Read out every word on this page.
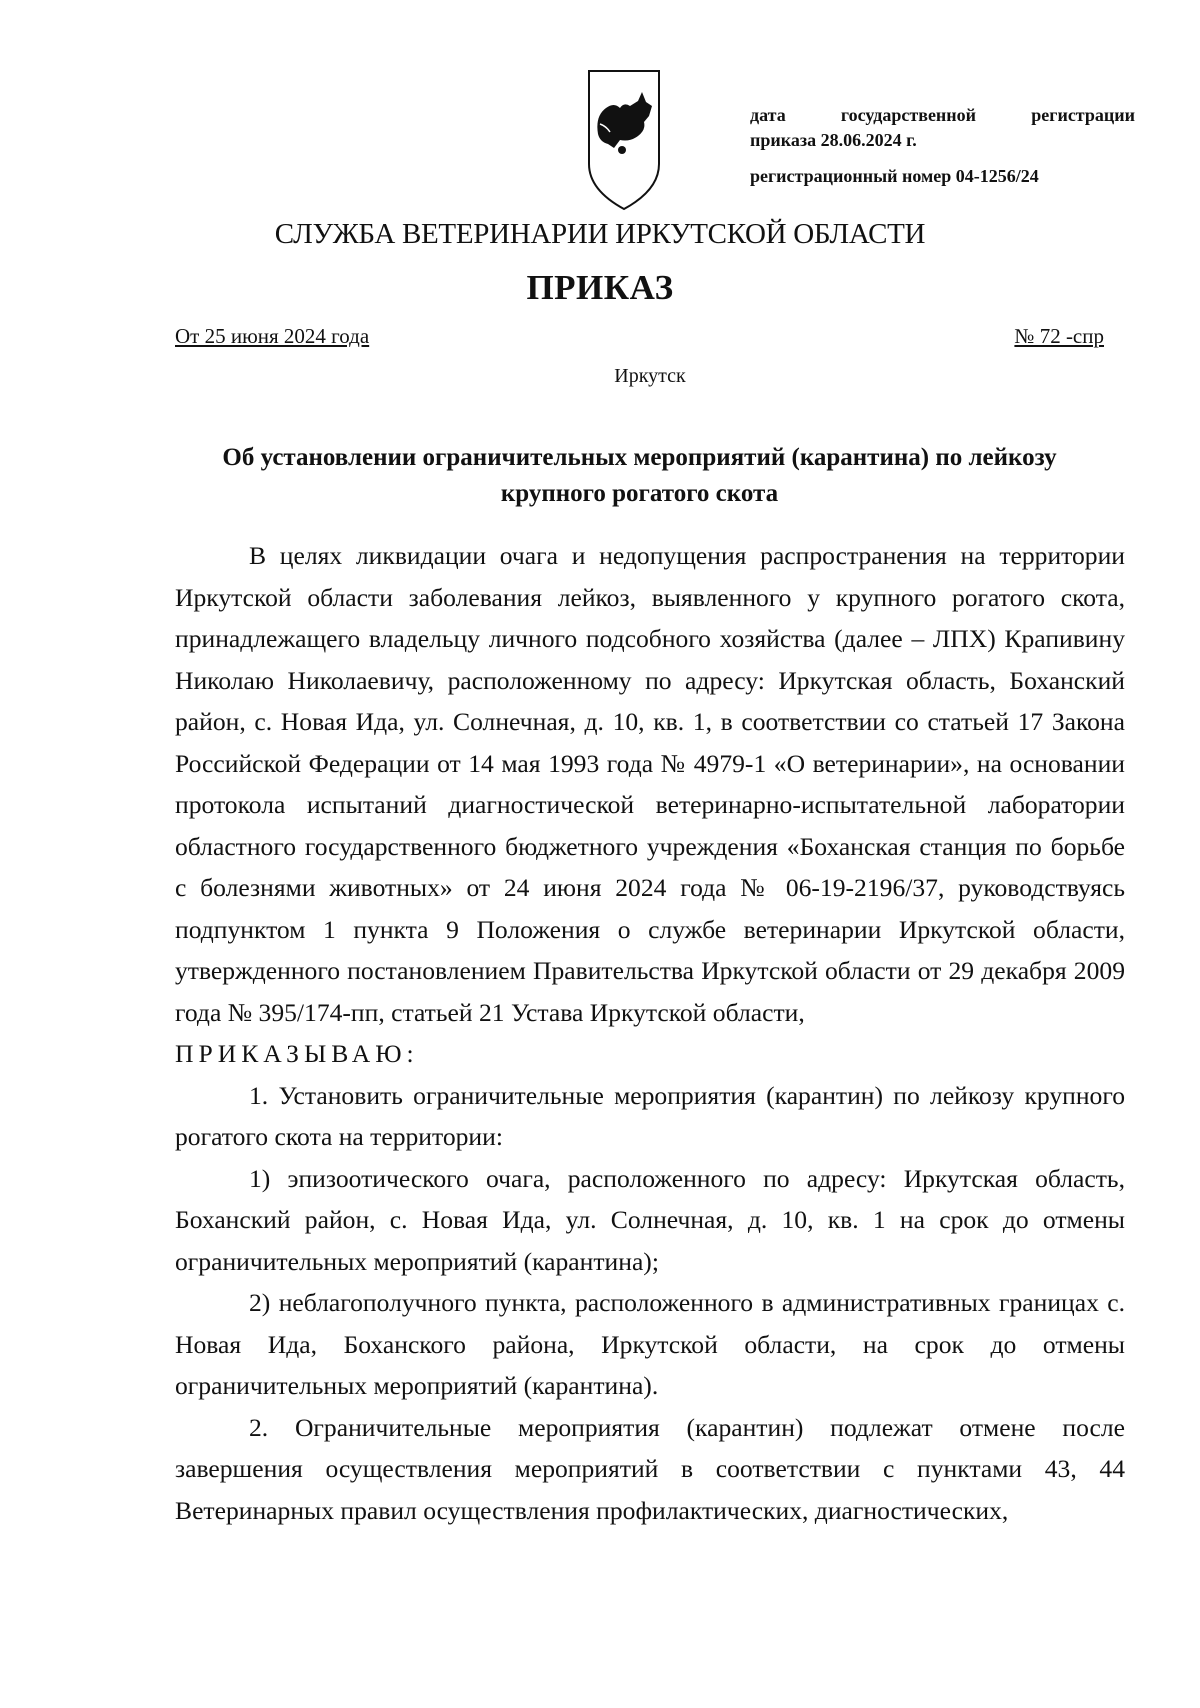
дата государственной регистрации
приказа 28.06.2024 г.
регистрационный номер 04-1256/24
СЛУЖБА ВЕТЕРИНАРИИ ИРКУТСКОЙ ОБЛАСТИ
ПРИКАЗ
От 25 июня 2024 года	№ 72 -спр
Иркутск
Об установлении ограничительных мероприятий (карантина) по лейкозу крупного рогатого скота

В целях ликвидации очага и недопущения распространения на территории Иркутской области заболевания лейкоз, выявленного у крупного рогатого скота, принадлежащего владельцу личного подсобного хозяйства (далее – ЛПХ) Крапивину Николаю Николаевичу, расположенному по адресу: Иркутская область, Боханский район, с. Новая Ида, ул. Солнечная, д. 10, кв. 1, в соответствии со статьей 17 Закона Российской Федерации от 14 мая 1993 года № 4979-1 «О ветеринарии», на основании протокола испытаний диагностической ветеринарно-испытательной лаборатории областного государственного бюджетного учреждения «Боханская станция по борьбе с болезнями животных» от 24 июня 2024 года № 06-19-2196/37, руководствуясь подпунктом 1 пункта 9 Положения о службе ветеринарии Иркутской области, утвержденного постановлением Правительства Иркутской области от 29 декабря 2009 года № 395/174-пп, статьей 21 Устава Иркутской области,

ПРИКАЗЫВАЮ:

1. Установить ограничительные мероприятия (карантин) по лейкозу крупного рогатого скота на территории:

1) эпизоотического очага, расположенного по адресу: Иркутская область, Боханский район, с. Новая Ида, ул. Солнечная, д. 10, кв. 1 на срок до отмены ограничительных мероприятий (карантина);

2) неблагополучного пункта, расположенного в административных границах с. Новая Ида, Боханского района, Иркутской области, на срок до отмены ограничительных мероприятий (карантина).

2. Ограничительные мероприятия (карантин) подлежат отмене после завершения осуществления мероприятий в соответствии с пунктами 43, 44 Ветеринарных правил осуществления профилактических, диагностических,
